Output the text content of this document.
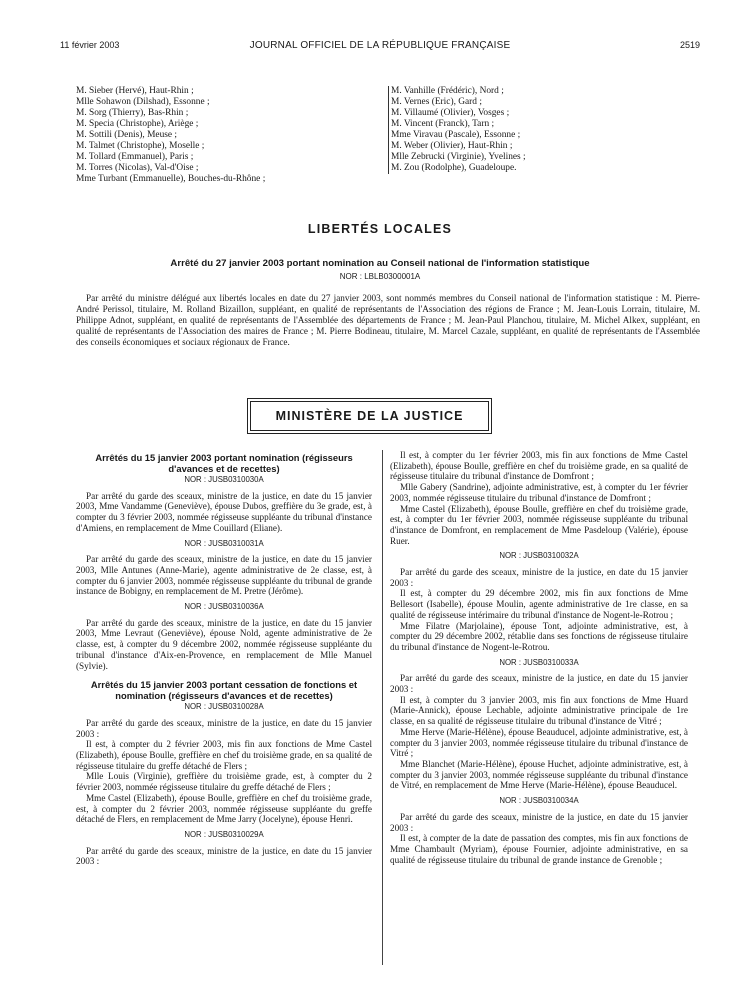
11 février 2003	JOURNAL OFFICIEL DE LA RÉPUBLIQUE FRANÇAISE	2519
M. Sieber (Hervé), Haut-Rhin ;
Mlle Sohawon (Dilshad), Essonne ;
M. Sorg (Thierry), Bas-Rhin ;
M. Specia (Christophe), Ariège ;
M. Sottili (Denis), Meuse ;
M. Talmet (Christophe), Moselle ;
M. Tollard (Emmanuel), Paris ;
M. Torres (Nicolas), Val-d'Oise ;
Mme Turbant (Emmanuelle), Bouches-du-Rhône ;
M. Vanhille (Frédéric), Nord ;
M. Vernes (Eric), Gard ;
M. Villaumé (Olivier), Vosges ;
M. Vincent (Franck), Tarn ;
Mme Viravau (Pascale), Essonne ;
M. Weber (Olivier), Haut-Rhin ;
Mlle Zebrucki (Virginie), Yvelines ;
M. Zou (Rodolphe), Guadeloupe.
LIBERTÉS LOCALES
Arrêté du 27 janvier 2003 portant nomination au Conseil national de l'information statistique
NOR : LBLB0300001A
Par arrêté du ministre délégué aux libertés locales en date du 27 janvier 2003, sont nommés membres du Conseil national de l'information statistique : M. Pierre-André Perissol, titulaire, M. Rolland Bizaillon, suppléant, en qualité de représentants de l'Association des régions de France ; M. Jean-Louis Lorrain, titulaire, M. Philippe Adnot, suppléant, en qualité de représentants de l'Assemblée des départements de France ; M. Jean-Paul Planchou, titulaire, M. Michel Alkex, suppléant, en qualité de représentants de l'Association des maires de France ; M. Pierre Bodineau, titulaire, M. Marcel Cazale, suppléant, en qualité de représentants de l'Assemblée des conseils économiques et sociaux régionaux de France.
MINISTÈRE DE LA JUSTICE
Arrêtés du 15 janvier 2003 portant nomination (régisseurs d'avances et de recettes)
NOR : JUSB0310030A

Par arrêté du garde des sceaux, ministre de la justice, en date du 15 janvier 2003, Mme Vandamme (Geneviève), épouse Dubos, greffière du 3e grade, est, à compter du 3 février 2003, nommée régisseuse suppléante du tribunal d'instance d'Amiens, en remplacement de Mme Couillard (Eliane).

NOR : JUSB0310031A

Par arrêté du garde des sceaux, ministre de la justice, en date du 15 janvier 2003, Mlle Antunes (Anne-Marie), agente administrative de 2e classe, est, à compter du 6 janvier 2003, nommée régisseuse suppléante du tribunal de grande instance de Bobigny, en remplacement de M. Pretre (Jérôme).

NOR : JUSB0310036A

Par arrêté du garde des sceaux, ministre de la justice, en date du 15 janvier 2003, Mme Levraut (Geneviève), épouse Nold, agente administrative de 2e classe, est, à compter du 9 décembre 2002, nommée régisseuse suppléante du tribunal d'instance d'Aix-en-Provence, en remplacement de Mlle Manuel (Sylvie).

Arrêtés du 15 janvier 2003 portant cessation de fonctions et nomination (régisseurs d'avances et de recettes)
NOR : JUSB0310028A

Par arrêté du garde des sceaux, ministre de la justice, en date du 15 janvier 2003 :

Il est, à compter du 2 février 2003, mis fin aux fonctions de Mme Castel (Elizabeth), épouse Boulle, greffière en chef du troisième grade, en sa qualité de régisseuse titulaire du greffe détaché de Flers ;

Mlle Louis (Virginie), greffière du troisième grade, est, à compter du 2 février 2003, nommée régisseuse titulaire du greffe détaché de Flers ;

Mme Castel (Elizabeth), épouse Boulle, greffière en chef du troisième grade, est, à compter du 2 février 2003, nommée régisseuse suppléante du greffe détaché de Flers, en remplacement de Mme Jarry (Jocelyne), épouse Henri.

NOR : JUSB0310029A

Par arrêté du garde des sceaux, ministre de la justice, en date du 15 janvier 2003 :

Il est, à compter du 1er février 2003, mis fin aux fonctions de Mme Castel (Elizabeth), épouse Boulle, greffière en chef du troisième grade, en sa qualité de régisseuse titulaire du tribunal d'instance de Domfront ;

Mlle Gabery (Sandrine), adjointe administrative, est, à compter du 1er février 2003, nommée régisseuse titulaire du tribunal d'instance de Domfront ;

Mme Castel (Elizabeth), épouse Boulle, greffière en chef du troisième grade, est, à compter du 1er février 2003, nommée régisseuse suppléante du tribunal d'instance de Domfront, en remplacement de Mme Pasdeloup (Valérie), épouse Ruer.

NOR : JUSB0310032A

Par arrêté du garde des sceaux, ministre de la justice, en date du 15 janvier 2003 :

Il est, à compter du 29 décembre 2002, mis fin aux fonctions de Mme Bellesort (Isabelle), épouse Moulin, agente administrative de 1re classe, en sa qualité de régisseuse intérimaire du tribunal d'instance de Nogent-le-Rotrou ;

Mme Filatre (Marjolaine), épouse Tont, adjointe administrative, est, à compter du 29 décembre 2002, rétablie dans ses fonctions de régisseuse titulaire du tribunal d'instance de Nogent-le-Rotrou.

NOR : JUSB0310033A

Par arrêté du garde des sceaux, ministre de la justice, en date du 15 janvier 2003 :

Il est, à compter du 3 janvier 2003, mis fin aux fonctions de Mme Huard (Marie-Annick), épouse Lechable, adjointe administrative principale de 1re classe, en sa qualité de régisseuse titulaire du tribunal d'instance de Vitré ;

Mme Herve (Marie-Hélène), épouse Beauducel, adjointe administrative, est, à compter du 3 janvier 2003, nommée régisseuse titulaire du tribunal d'instance de Vitré ;

Mme Blanchet (Marie-Hélène), épouse Huchet, adjointe administrative, est, à compter du 3 janvier 2003, nommée régisseuse suppléante du tribunal d'instance de Vitré, en remplacement de Mme Herve (Marie-Hélène), épouse Beauducel.

NOR : JUSB0310034A

Par arrêté du garde des sceaux, ministre de la justice, en date du 15 janvier 2003 :

Il est, à compter de la date de passation des comptes, mis fin aux fonctions de Mme Chambault (Myriam), épouse Fournier, adjointe administrative, en sa qualité de régisseuse titulaire du tribunal de grande instance de Grenoble ;
